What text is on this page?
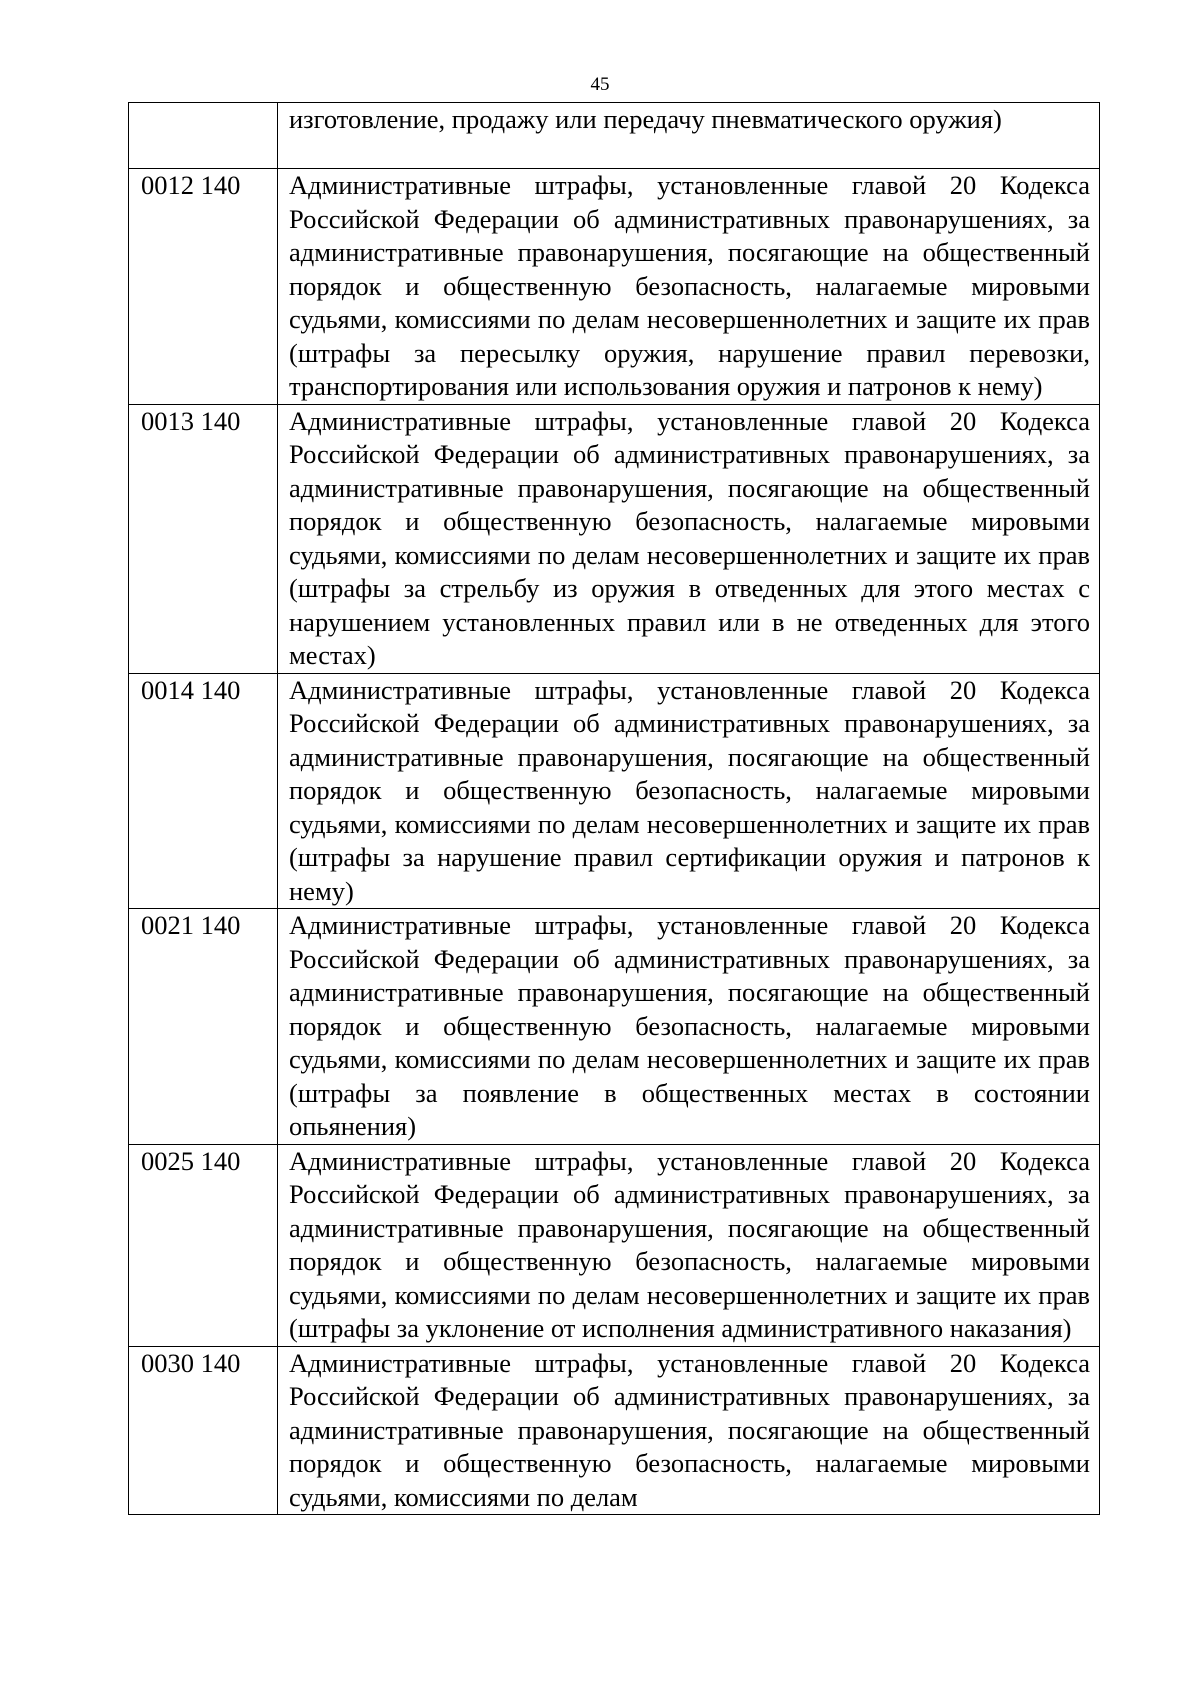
45
	изготовление, продажу или передачу пневматического оружия)
0012 140	Административные штрафы, установленные главой 20 Кодекса Российской Федерации об административных правонарушениях, за административные правонарушения, посягающие на общественный порядок и общественную безопасность, налагаемые мировыми судьями, комиссиями по делам несовершеннолетних и защите их прав (штрафы за пересылку оружия, нарушение правил перевозки, транспортирования или использования оружия и патронов к нему)
0013 140	Административные штрафы, установленные главой 20 Кодекса Российской Федерации об административных правонарушениях, за административные правонарушения, посягающие на общественный порядок и общественную безопасность, налагаемые мировыми судьями, комиссиями по делам несовершеннолетних и защите их прав (штрафы за стрельбу из оружия в отведенных для этого местах с нарушением установленных правил или в не отведенных для этого местах)
0014 140	Административные штрафы, установленные главой 20 Кодекса Российской Федерации об административных правонарушениях, за административные правонарушения, посягающие на общественный порядок и общественную безопасность, налагаемые мировыми судьями, комиссиями по делам несовершеннолетних и защите их прав (штрафы за нарушение правил сертификации оружия и патронов к нему)
0021 140	Административные штрафы, установленные главой 20 Кодекса Российской Федерации об административных правонарушениях, за административные правонарушения, посягающие на общественный порядок и общественную безопасность, налагаемые мировыми судьями, комиссиями по делам несовершеннолетних и защите их прав (штрафы за появление в общественных местах в состоянии опьянения)
0025 140	Административные штрафы, установленные главой 20 Кодекса Российской Федерации об административных правонарушениях, за административные правонарушения, посягающие на общественный порядок и общественную безопасность, налагаемые мировыми судьями, комиссиями по делам несовершеннолетних и защите их прав (штрафы за уклонение от исполнения административного наказания)
0030 140	Административные штрафы, установленные главой 20 Кодекса Российской Федерации об административных правонарушениях, за административные правонарушения, посягающие на общественный порядок и общественную безопасность, налагаемые мировыми судьями, комиссиями по делам
